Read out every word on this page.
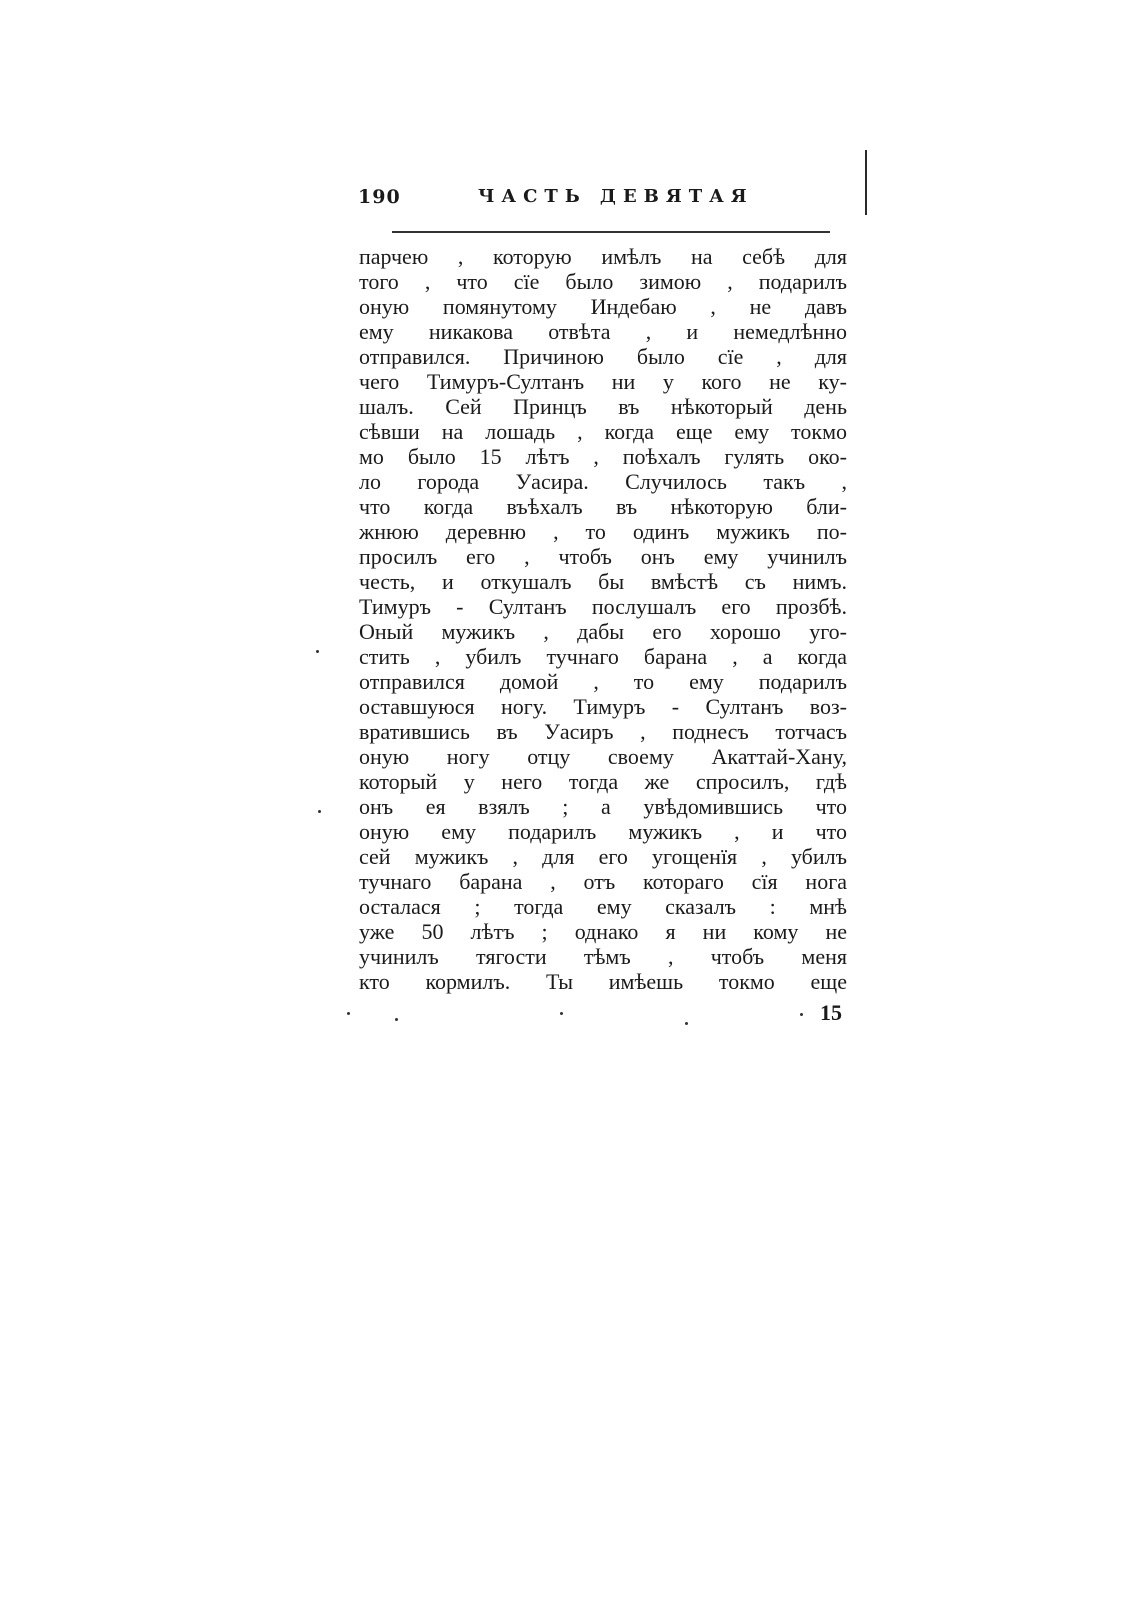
190	ЧАСТЬ ДЕВЯТАЯ
парчею , которую имѣлъ на себѣ для
того , что сїе было зимою , подарилъ
оную помянутому Индебаю , не давъ
ему никакова отвѣта , и немедлѣнно
отправился. Причиною было сїе , для
чего Тимуръ-Султанъ ни у кого не ку-
шалъ. Сей Принцъ въ нѣкоторый день
сѣвши на лошадь , когда еще ему токмо
мо было 15 лѣтъ , поѣхалъ гулять око-
ло города Уасира. Случилось такъ ,
что когда въѣхалъ въ нѣкоторую бли-
жнюю деревню , то одинъ мужикъ по-
просилъ его , чтобъ онъ ему учинилъ
честь, и откушалъ бы вмѣстѣ съ нимъ.
Тимуръ - Султанъ послушалъ его прозбѣ.
Оный мужикъ , дабы его хорошо уго-
стить , убилъ тучнаго барана , а когда
отправился домой , то ему подарилъ
оставшуюся ногу. Тимуръ - Султанъ воз-
вратившись въ Уасиръ , поднесъ тотчасъ
оную ногу отцу своему Акаттай-Хану,
который у него тогда же спросилъ, гдѣ
онъ ея взялъ ; а увѣдомившись что
оную ему подарилъ мужикъ , и что
сей мужикъ , для его угощенїя , убилъ
тучнаго барана , отъ котораго сїя нога
осталася ; тогда ему сказалъ : мнѣ
уже 50 лѣтъ ; однако я ни кому не
учинилъ тягости тѣмъ , чтобъ меня
кто кормилъ. Ты имѣешь токмо еще
15
